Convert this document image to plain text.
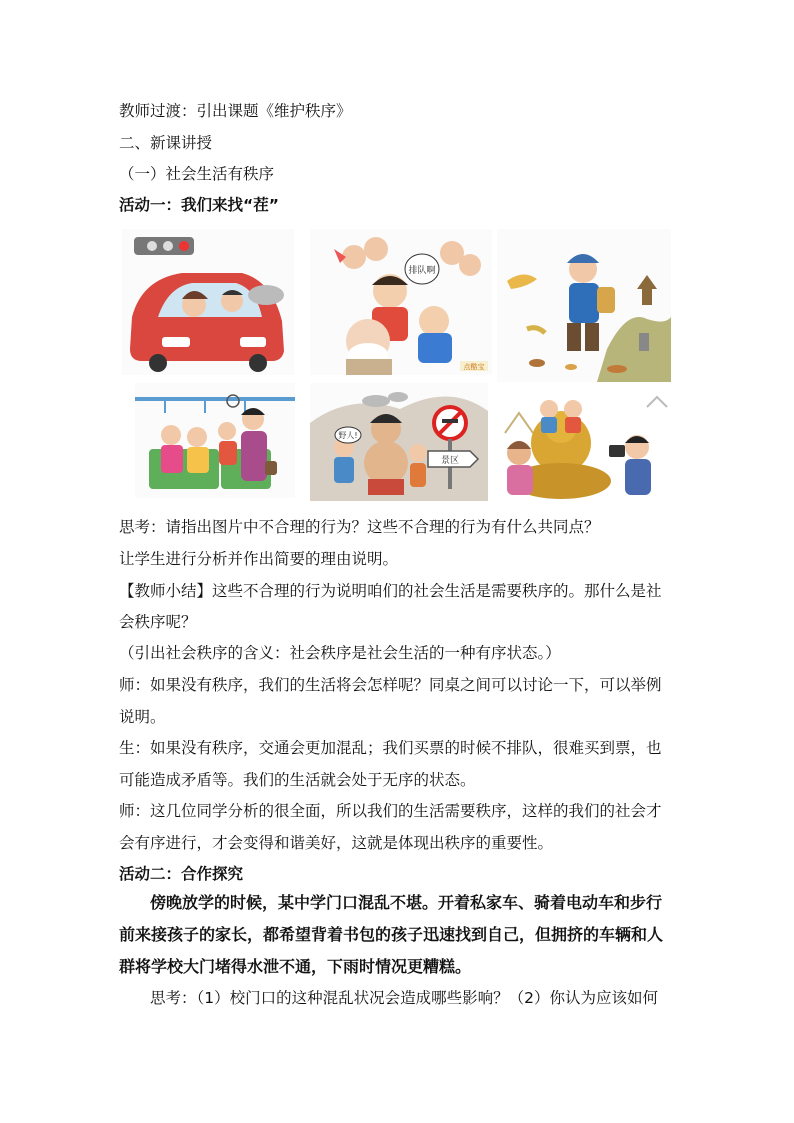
教师过渡：引出课题《维护秩序》
二、新课讲授
（一）社会生活有秩序
活动一：我们来找“茬”
排队啊
点酷宝
景区
野人!
思考：请指出图片中不合理的行为？这些不合理的行为有什么共同点？
让学生进行分析并作出简要的理由说明。
【教师小结】这些不合理的行为说明咱们的社会生活是需要秩序的。那什么是社
会秩序呢？
（引出社会秩序的含义：社会秩序是社会生活的一种有序状态。）
师：如果没有秩序，我们的生活将会怎样呢？同桌之间可以讨论一下，可以举例
说明。
生：如果没有秩序，交通会更加混乱；我们买票的时候不排队，很难买到票，也
可能造成矛盾等。我们的生活就会处于无序的状态。
师：这几位同学分析的很全面，所以我们的生活需要秩序，这样的我们的社会才
会有序进行，才会变得和谐美好，这就是体现出秩序的重要性。
活动二：合作探究
傍晚放学的时候，某中学门口混乱不堪。开着私家车、骑着电动车和步行
前来接孩子的家长，都希望背着书包的孩子迅速找到自己，但拥挤的车辆和人
群将学校大门堵得水泄不通，下雨时情况更糟糕。
思考：（1）校门口的这种混乱状况会造成哪些影响？（2）你认为应该如何
